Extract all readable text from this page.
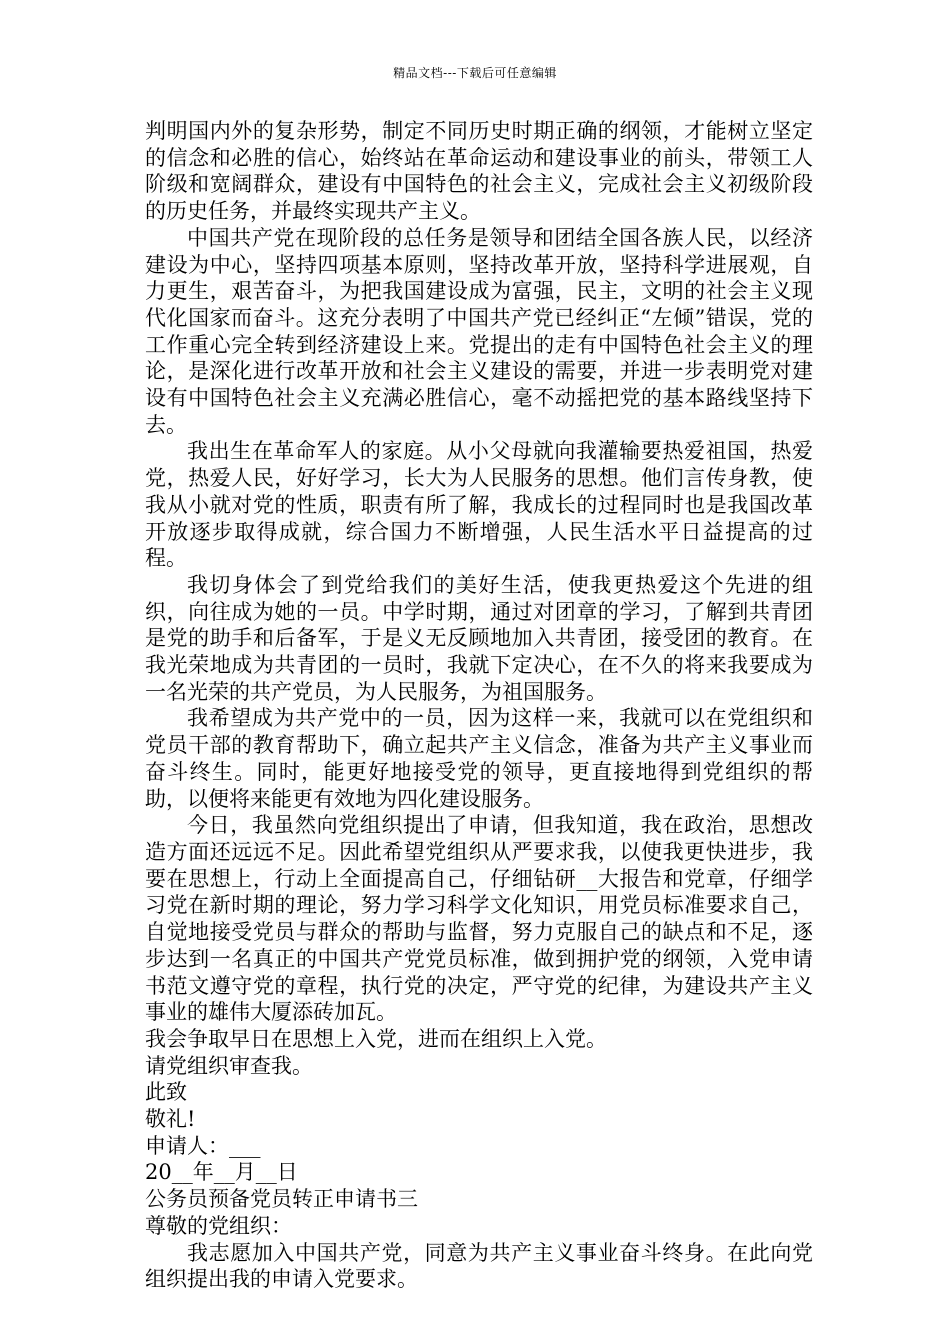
精品文档---下载后可任意编辑

判明国内外的复杂形势，制定不同历史时期正确的纲领，才能树立坚定的信念和必胜的信心，始终站在革命运动和建设事业的前头，带领工人阶级和宽阔群众，建设有中国特色的社会主义，完成社会主义初级阶段的历史任务，并最终实现共产主义。

中国共产党在现阶段的总任务是领导和团结全国各族人民，以经济建设为中心，坚持四项基本原则，坚持改革开放，坚持科学进展观，自力更生，艰苦奋斗，为把我国建设成为富强，民主，文明的社会主义现代化国家而奋斗。这充分表明了中国共产党已经纠正“左倾”错误，党的工作重心完全转到经济建设上来。党提出的走有中国特色社会主义的理论，是深化进行改革开放和社会主义建设的需要，并进一步表明党对建设有中国特色社会主义充满必胜信心，毫不动摇把党的基本路线坚持下去。

我出生在革命军人的家庭。从小父母就向我灌输要热爱祖国，热爱党，热爱人民，好好学习，长大为人民服务的思想。他们言传身教，使我从小就对党的性质，职责有所了解，我成长的过程同时也是我国改革开放逐步取得成就，综合国力不断增强，人民生活水平日益提高的过程。

我切身体会了到党给我们的美好生活，使我更热爱这个先进的组织，向往成为她的一员。中学时期，通过对团章的学习，了解到共青团是党的助手和后备军，于是义无反顾地加入共青团，接受团的教育。在我光荣地成为共青团的一员时，我就下定决心，在不久的将来我要成为一名光荣的共产党员，为人民服务，为祖国服务。

我希望成为共产党中的一员，因为这样一来，我就可以在党组织和党员干部的教育帮助下，确立起共产主义信念，准备为共产主义事业而奋斗终生。同时，能更好地接受党的领导，更直接地得到党组织的帮助，以便将来能更有效地为四化建设服务。

今日，我虽然向党组织提出了申请，但我知道，我在政治，思想改造方面还远远不足。因此希望党组织从严要求我，以使我更快进步，我要在思想上，行动上全面提高自己，仔细钻研__大报告和党章，仔细学习党在新时期的理论，努力学习科学文化知识，用党员标准要求自己，自觉地接受党员与群众的帮助与监督，努力克服自己的缺点和不足，逐步达到一名真正的中国共产党党员标准，做到拥护党的纲领，入党申请书范文遵守党的章程，执行党的决定，严守党的纪律，为建设共产主义事业的雄伟大厦添砖加瓦。

我会争取早日在思想上入党，进而在组织上入党。

请党组织审查我。

此致

敬礼!

申请人：___

20__年__月__日

公务员预备党员转正申请书三

尊敬的党组织：

我志愿加入中国共产党，同意为共产主义事业奋斗终身。在此向党组织提出我的申请入党要求。
